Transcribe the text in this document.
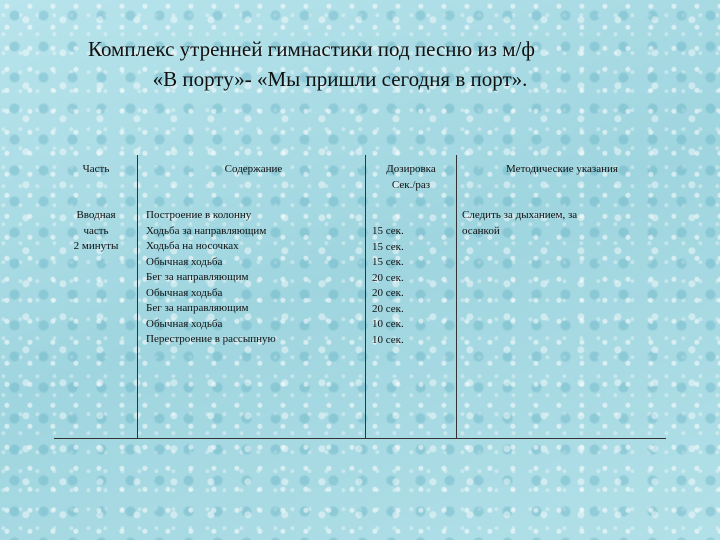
Комплекс утренней гимнастики под песню из м/ф
«В порту»- «Мы пришли сегодня в порт».
Часть	Содержание	Дозировка
Сек./раз
Методические указания
Вводная
часть
2 минуты
Построение в колонну
Ходьба за направляющим
Ходьба на носочках
Обычная ходьба
Бег за направляющим
Обычная ходьба
Бег за направляющим
Обычная ходьба
Перестроение в рассыпную
15 сек.
15 сек.
15 сек.
20 сек.
20 сек.
20 сек.
10 сек.
10 сек.
Следить за дыханием, за
осанкой
